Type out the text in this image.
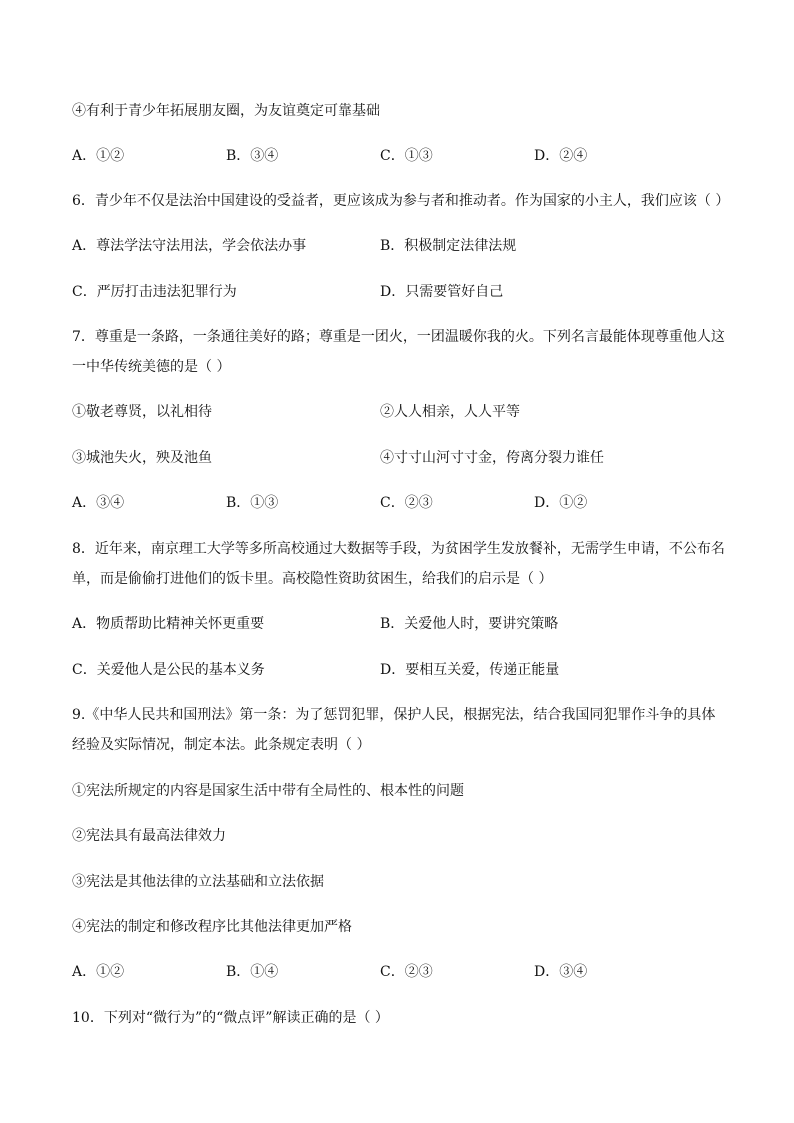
④有利于青少年拓展朋友圈，为友谊奠定可靠基础
A．①②	B．③④	C．①③	D．②④
6．青少年不仅是法治中国建设的受益者，更应该成为参与者和推动者。作为国家的小主人，我们应该（ ）
A．尊法学法守法用法，学会依法办事	B．积极制定法律法规
C．严厉打击违法犯罪行为	D．只需要管好自己
7．尊重是一条路，一条通往美好的路；尊重是一团火，一团温暖你我的火。下列名言最能体现尊重他人这
一中华传统美德的是（ ）
①敬老尊贤，以礼相待	②人人相亲，人人平等
③城池失火，殃及池鱼	④寸寸山河寸寸金，侉离分裂力谁任
A．③④	B．①③	C．②③	D．①②
8．近年来，南京理工大学等多所高校通过大数据等手段，为贫困学生发放餐补，无需学生申请，不公布名
单，而是偷偷打进他们的饭卡里。高校隐性资助贫困生，给我们的启示是（ ）
A．物质帮助比精神关怀更重要	B．关爱他人时，要讲究策略
C．关爱他人是公民的基本义务	D．要相互关爱，传递正能量
9.《中华人民共和国刑法》第一条：为了惩罚犯罪，保护人民，根据宪法，结合我国同犯罪作斗争的具体
经验及实际情况，制定本法。此条规定表明（ ）
①宪法所规定的内容是国家生活中带有全局性的、根本性的问题
②宪法具有最高法律效力
③宪法是其他法律的立法基础和立法依据
④宪法的制定和修改程序比其他法律更加严格
A．①②	B．①④	C．②③	D．③④
10．下列对“微行为”的“微点评”解读正确的是（ ）
